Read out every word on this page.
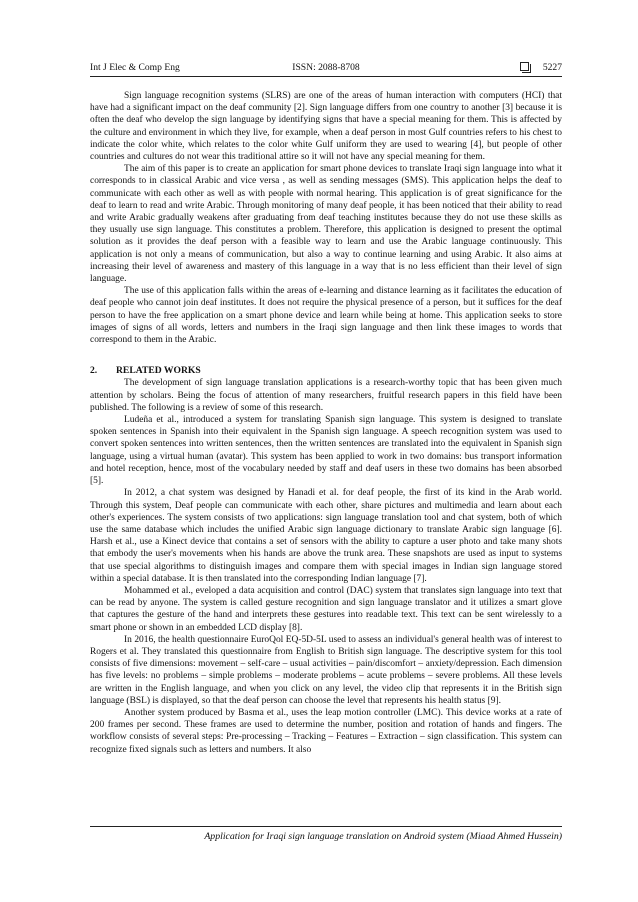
Int J Elec & Comp Eng	ISSN: 2088-8708	5227

Sign language recognition systems (SLRS) are one of the areas of human interaction with computers (HCI) that have had a significant impact on the deaf community [2]. Sign language differs from one country to another [3] because it is often the deaf who develop the sign language by identifying signs that have a special meaning for them. This is affected by the culture and environment in which they live, for example, when a deaf person in most Gulf countries refers to his chest to indicate the color white, which relates to the color white Gulf uniform they are used to wearing [4], but people of other countries and cultures do not wear this traditional attire so it will not have any special meaning for them.

The aim of this paper is to create an application for smart phone devices to translate Iraqi sign language into what it corresponds to in classical Arabic and vice versa , as well as sending messages (SMS). This application helps the deaf to communicate with each other as well as with people with normal hearing. This application is of great significance for the deaf to learn to read and write Arabic. Through monitoring of many deaf people, it has been noticed that their ability to read and write Arabic gradually weakens after graduating from deaf teaching institutes because they do not use these skills as they usually use sign language. This constitutes a problem. Therefore, this application is designed to present the optimal solution as it provides the deaf person with a feasible way to learn and use the Arabic language continuously. This application is not only a means of communication, but also a way to continue learning and using Arabic. It also aims at increasing their level of awareness and mastery of this language in a way that is no less efficient than their level of sign language.

The use of this application falls within the areas of e-learning and distance learning as it facilitates the education of deaf people who cannot join deaf institutes. It does not require the physical presence of a person, but it suffices for the deaf person to have the free application on a smart phone device and learn while being at home. This application seeks to store images of signs of all words, letters and numbers in the Iraqi sign language and then link these images to words that correspond to them in the Arabic.

2. RELATED WORKS

The development of sign language translation applications is a research-worthy topic that has been given much attention by scholars. Being the focus of attention of many researchers, fruitful research papers in this field have been published. The following is a review of some of this research.

Ludeña et al., introduced a system for translating Spanish sign language. This system is designed to translate spoken sentences in Spanish into their equivalent in the Spanish sign language. A speech recognition system was used to convert spoken sentences into written sentences, then the written sentences are translated into the equivalent in Spanish sign language, using a virtual human (avatar). This system has been applied to work in two domains: bus transport information and hotel reception, hence, most of the vocabulary needed by staff and deaf users in these two domains has been absorbed [5].

In 2012, a chat system was designed by Hanadi et al. for deaf people, the first of its kind in the Arab world. Through this system, Deaf people can communicate with each other, share pictures and multimedia and learn about each other's experiences. The system consists of two applications: sign language translation tool and chat system, both of which use the same database which includes the unified Arabic sign language dictionary to translate Arabic sign language [6]. Harsh et al., use a Kinect device that contains a set of sensors with the ability to capture a user photo and take many shots that embody the user's movements when his hands are above the trunk area. These snapshots are used as input to systems that use special algorithms to distinguish images and compare them with special images in Indian sign language stored within a special database. It is then translated into the corresponding Indian language [7].

Mohammed et al., eveloped a data acquisition and control (DAC) system that translates sign language into text that can be read by anyone. The system is called gesture recognition and sign language translator and it utilizes a smart glove that captures the gesture of the hand and interprets these gestures into readable text. This text can be sent wirelessly to a smart phone or shown in an embedded LCD display [8].

In 2016, the health questionnaire EuroQol EQ-5D-5L used to assess an individual's general health was of interest to Rogers et al. They translated this questionnaire from English to British sign language. The descriptive system for this tool consists of five dimensions: movement – self-care – usual activities – pain/discomfort – anxiety/depression. Each dimension has five levels: no problems – simple problems – moderate problems – acute problems – severe problems. All these levels are written in the English language, and when you click on any level, the video clip that represents it in the British sign language (BSL) is displayed, so that the deaf person can choose the level that represents his health status [9].

Another system produced by Basma et al., uses the leap motion controller (LMC). This device works at a rate of 200 frames per second. These frames are used to determine the number, position and rotation of hands and fingers. The workflow consists of several steps: Pre-processing – Tracking – Features – Extraction – sign classification. This system can recognize fixed signals such as letters and numbers. It also

Application for Iraqi sign language translation on Android system (Miaad Ahmed Hussein)
